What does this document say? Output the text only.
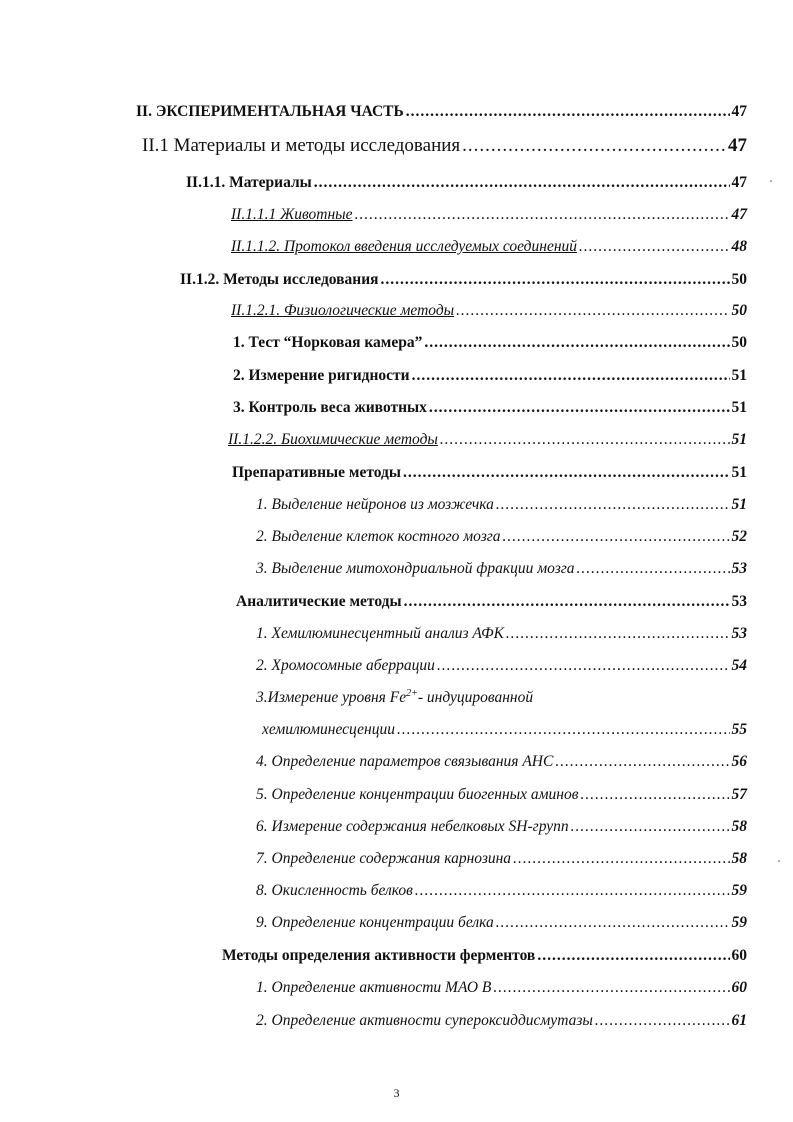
II. ЭКСПЕРИМЕНТАЛЬНАЯ ЧАСТЬ .....	47
II.1 Материалы и методы исследования .....	47
II.1.1. Материалы .....	47
II.1.1.1 Животные .....	47
II.1.1.2. Протокол введения исследуемых соединений .....	48
II.1.2. Методы исследования .....	50
II.1.2.1. Физиологические методы .....	50
1. Тест “Норковая камера” .....	50
2. Измерение ригидности .....	51
3. Контроль веса животных .....	51
II.1.2.2. Биохимические методы .....	51
Препаративные методы .....	51
1. Выделение нейронов из мозжечка .....	51
2. Выделение клеток костного мозга .....	52
3. Выделение митохондриальной фракции мозга .....	53
Аналитические методы .....	53
1. Хемилюминесцентный анализ АФК .....	53
2. Хромосомные аберрации .....	54
3.Измерение уровня $Fe^{2+}-$ индуцированной
хемилюминесценции .....	55
4. Определение параметров связывания АНС .....	56
5. Определение концентрации биогенных аминов .....	57
6. Измерение содержания небелковых SH-групп .....	58
7. Определение содержания карнозина .....	58
8. Окисленность белков .....	59
9. Определение концентрации белка .....	59
Методы определения активности ферментов .....	60
1. Определение активности МАО В .....	60
2. Определение активности супероксиддисмутазы .....	61
3
